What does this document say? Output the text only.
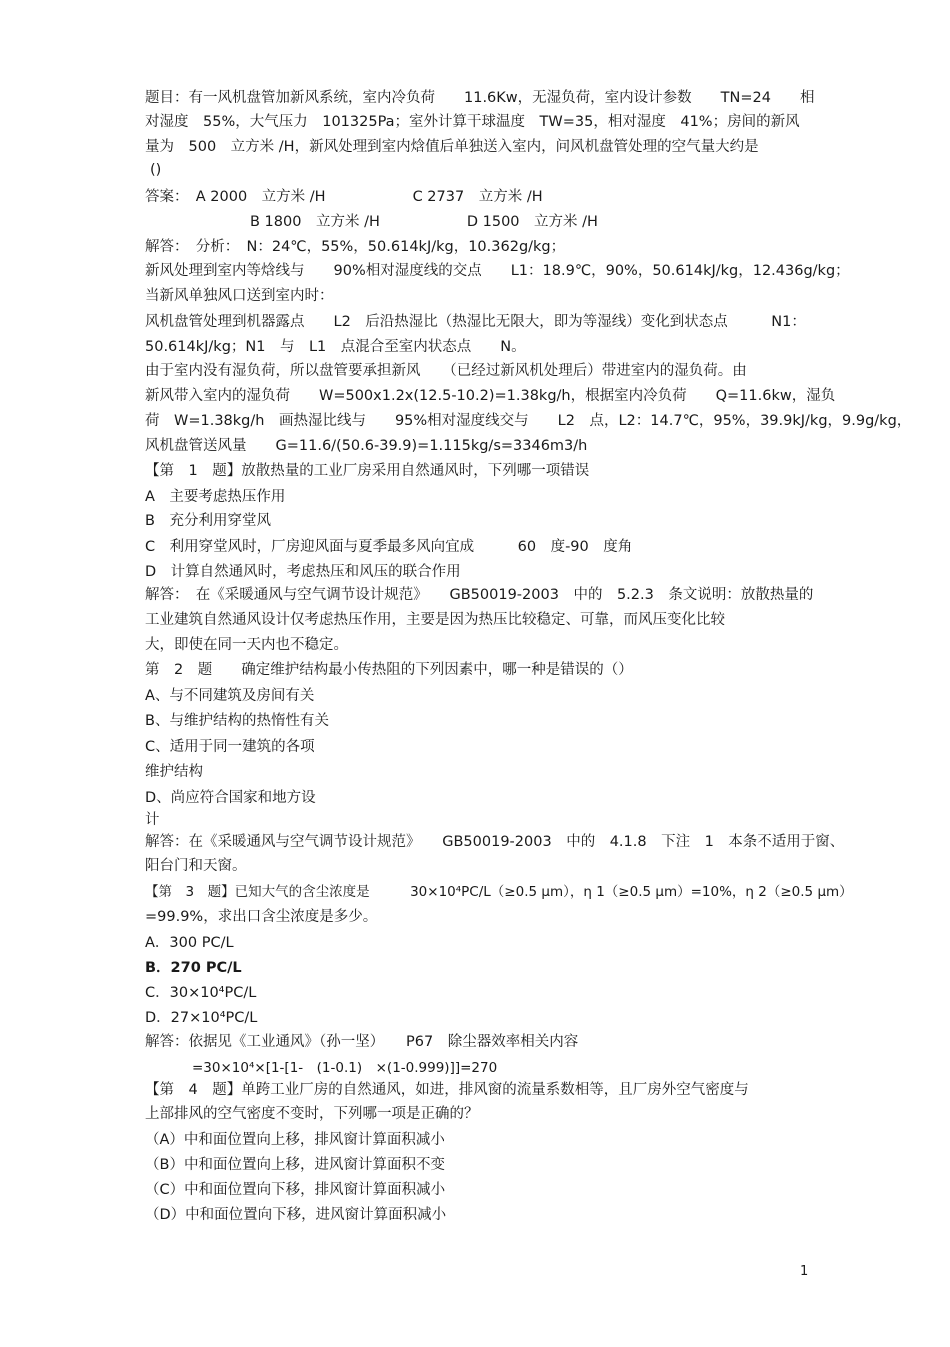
题目：有一风机盘管加新风系统，室内冷负荷　　11.6Kw，无湿负荷，室内设计参数　　TN=24　　相
对湿度　55%，大气压力　101325Pa；室外计算干球温度　TW=35，相对湿度　41%；房间的新风
量为　500　立方米 /H，新风处理到室内焓值后单独送入室内，问风机盘管处理的空气量大约是
()
答案：　A 2000　立方米 /H　　　　　　C 2737　立方米 /H
B 1800　立方米 /H　　　　　　D 1500　立方米 /H
解答：　分析：　N：24℃，55%，50.614kJ/kg，10.362g/kg；
新风处理到室内等焓线与　　90%相对湿度线的交点　　L1：18.9℃，90%，50.614kJ/kg，12.436g/kg；
当新风单独风口送到室内时：
风机盘管处理到机器露点　　L2　后沿热湿比（热湿比无限大，即为等湿线）变化到状态点　　　N1：
50.614kJ/kg；N1　与　L1　点混合至室内状态点　　N。
由于室内没有湿负荷，所以盘管要承担新风　　（已经过新风机处理后）带进室内的湿负荷。由
新风带入室内的湿负荷　　W=500x1.2x(12.5-10.2)=1.38kg/h，根据室内冷负荷　　Q=11.6kw，湿负
荷　W=1.38kg/h　画热湿比线与　　95%相对湿度线交与　　L2　点，L2：14.7℃，95%，39.9kJ/kg，9.9g/kg，
风机盘管送风量　　G=11.6/(50.6-39.9)=1.115kg/s=3346m3/h
【第　1　题】放散热量的工业厂房采用自然通风时，下列哪一项错误
A　主要考虑热压作用
B　充分利用穿堂风
C　利用穿堂风时，厂房迎风面与夏季最多风向宜成　　　60　度-90　度角
D　计算自然通风时，考虑热压和风压的联合作用
解答：　在《采暖通风与空气调节设计规范》　　GB50019-2003　中的　5.2.3　条文说明：放散热量的
工业建筑自然通风设计仅考虑热压作用，主要是因为热压比较稳定、可靠，而风压变化比较
大，即使在同一天内也不稳定。
第　2　题　　确定维护结构最小传热阻的下列因素中，哪一种是错误的（）
A、与不同建筑及房间有关
B、与维护结构的热惰性有关
C、适用于同一建筑的各项
维护结构
D、尚应符合国家和地方设
计
解答：在《采暖通风与空气调节设计规范》　　GB50019-2003　中的　4.1.8　下注　1　本条不适用于窗、
阳台门和天窗。
【第　3　题】已知大气的含尘浓度是　　　30×10⁴PC/L（≥0.5 μm），η 1（≥0.5 μm）=10%，η 2（≥0.5 μm）
=99.9%，求出口含尘浓度是多少。
A．300 PC/L
B．270 PC/L
C．30×10⁴PC/L
D．27×10⁴PC/L
解答：依据见《工业通风》（孙一坚）　　P67　除尘器效率相关内容
=30×10⁴×[1-[1-　(1-0.1)　×(1-0.999)]]=270
【第　4　题】单跨工业厂房的自然通风，如进，排风窗的流量系数相等，且厂房外空气密度与
上部排风的空气密度不变时，下列哪一项是正确的？
（A）中和面位置向上移，排风窗计算面积减小
（B）中和面位置向上移，进风窗计算面积不变
（C）中和面位置向下移，排风窗计算面积减小
（D）中和面位置向下移，进风窗计算面积减小
1
